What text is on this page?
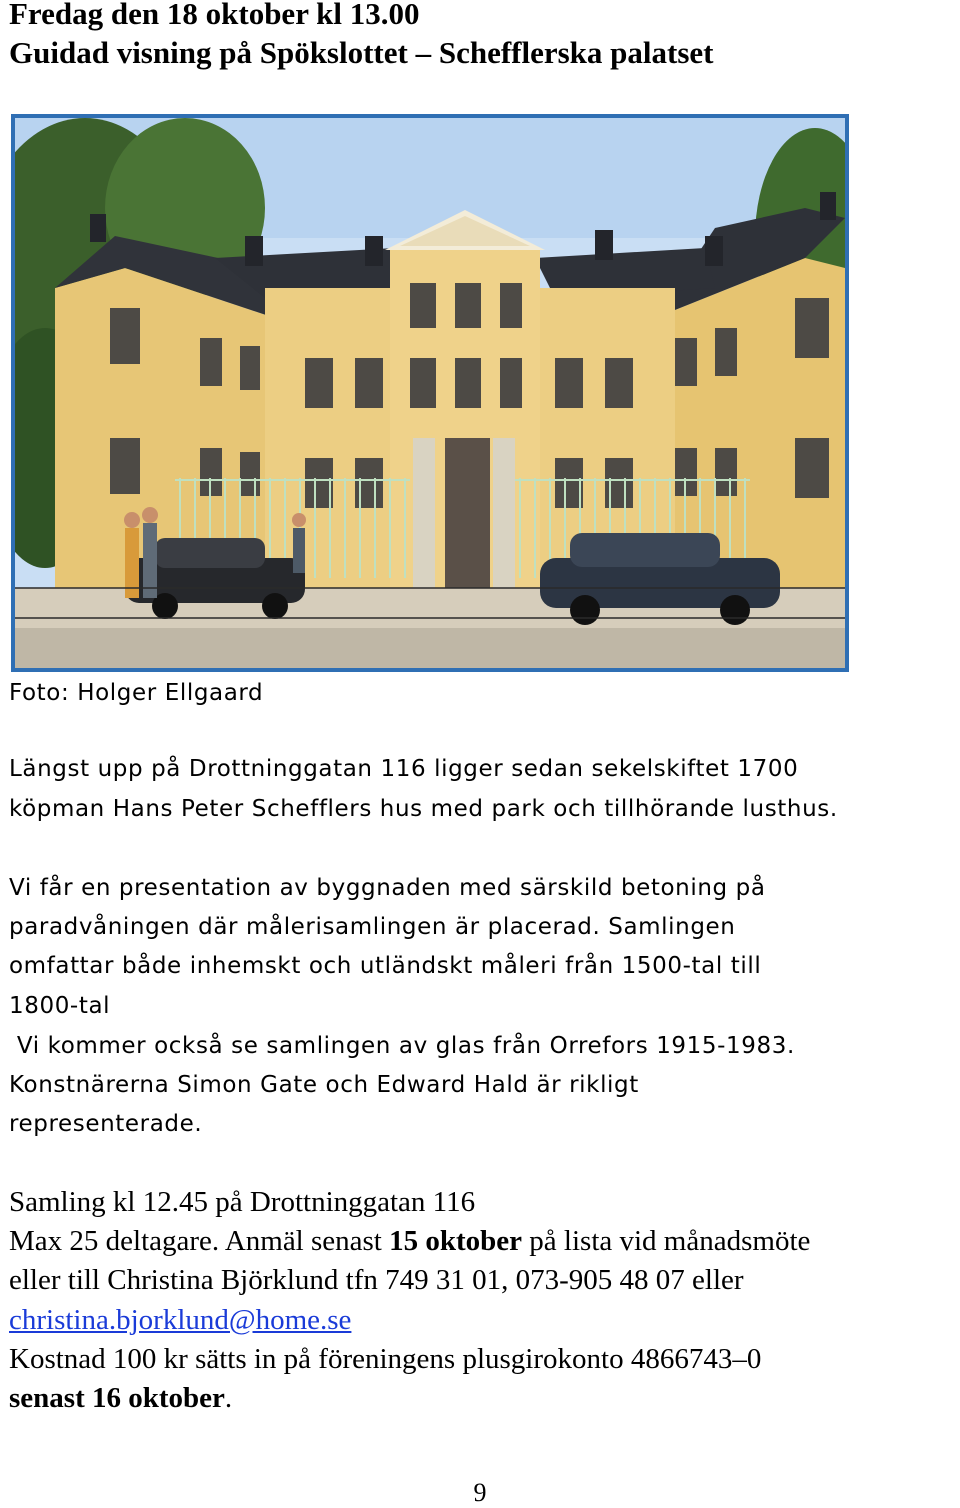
Fredag den 18 oktober kl 13.00
Guidad visning på Spökslottet – Schefflerska palatset
Foto: Holger Ellgaard
Längst upp på Drottninggatan 116 ligger sedan sekelskiftet 1700
köpman Hans Peter Schefflers hus med park och tillhörande lusthus.
Vi får en presentation av byggnaden med särskild betoning på
paradvåningen där målerisamlingen är placerad. Samlingen
omfattar både inhemskt och utländskt måleri från 1500-tal till
1800-tal
Vi kommer också se samlingen av glas från Orrefors 1915-1983.
Konstnärerna Simon Gate och Edward Hald är rikligt
representerade.
Samling kl 12.45 på Drottninggatan 116
Max 25 deltagare. Anmäl senast 15 oktober på lista vid månadsmöte
eller till Christina Björklund tfn 749 31 01, 073-905 48 07 eller
christina.bjorklund@home.se
Kostnad 100 kr sätts in på föreningens plusgirokonto 4866743–0
senast 16 oktober.
9
